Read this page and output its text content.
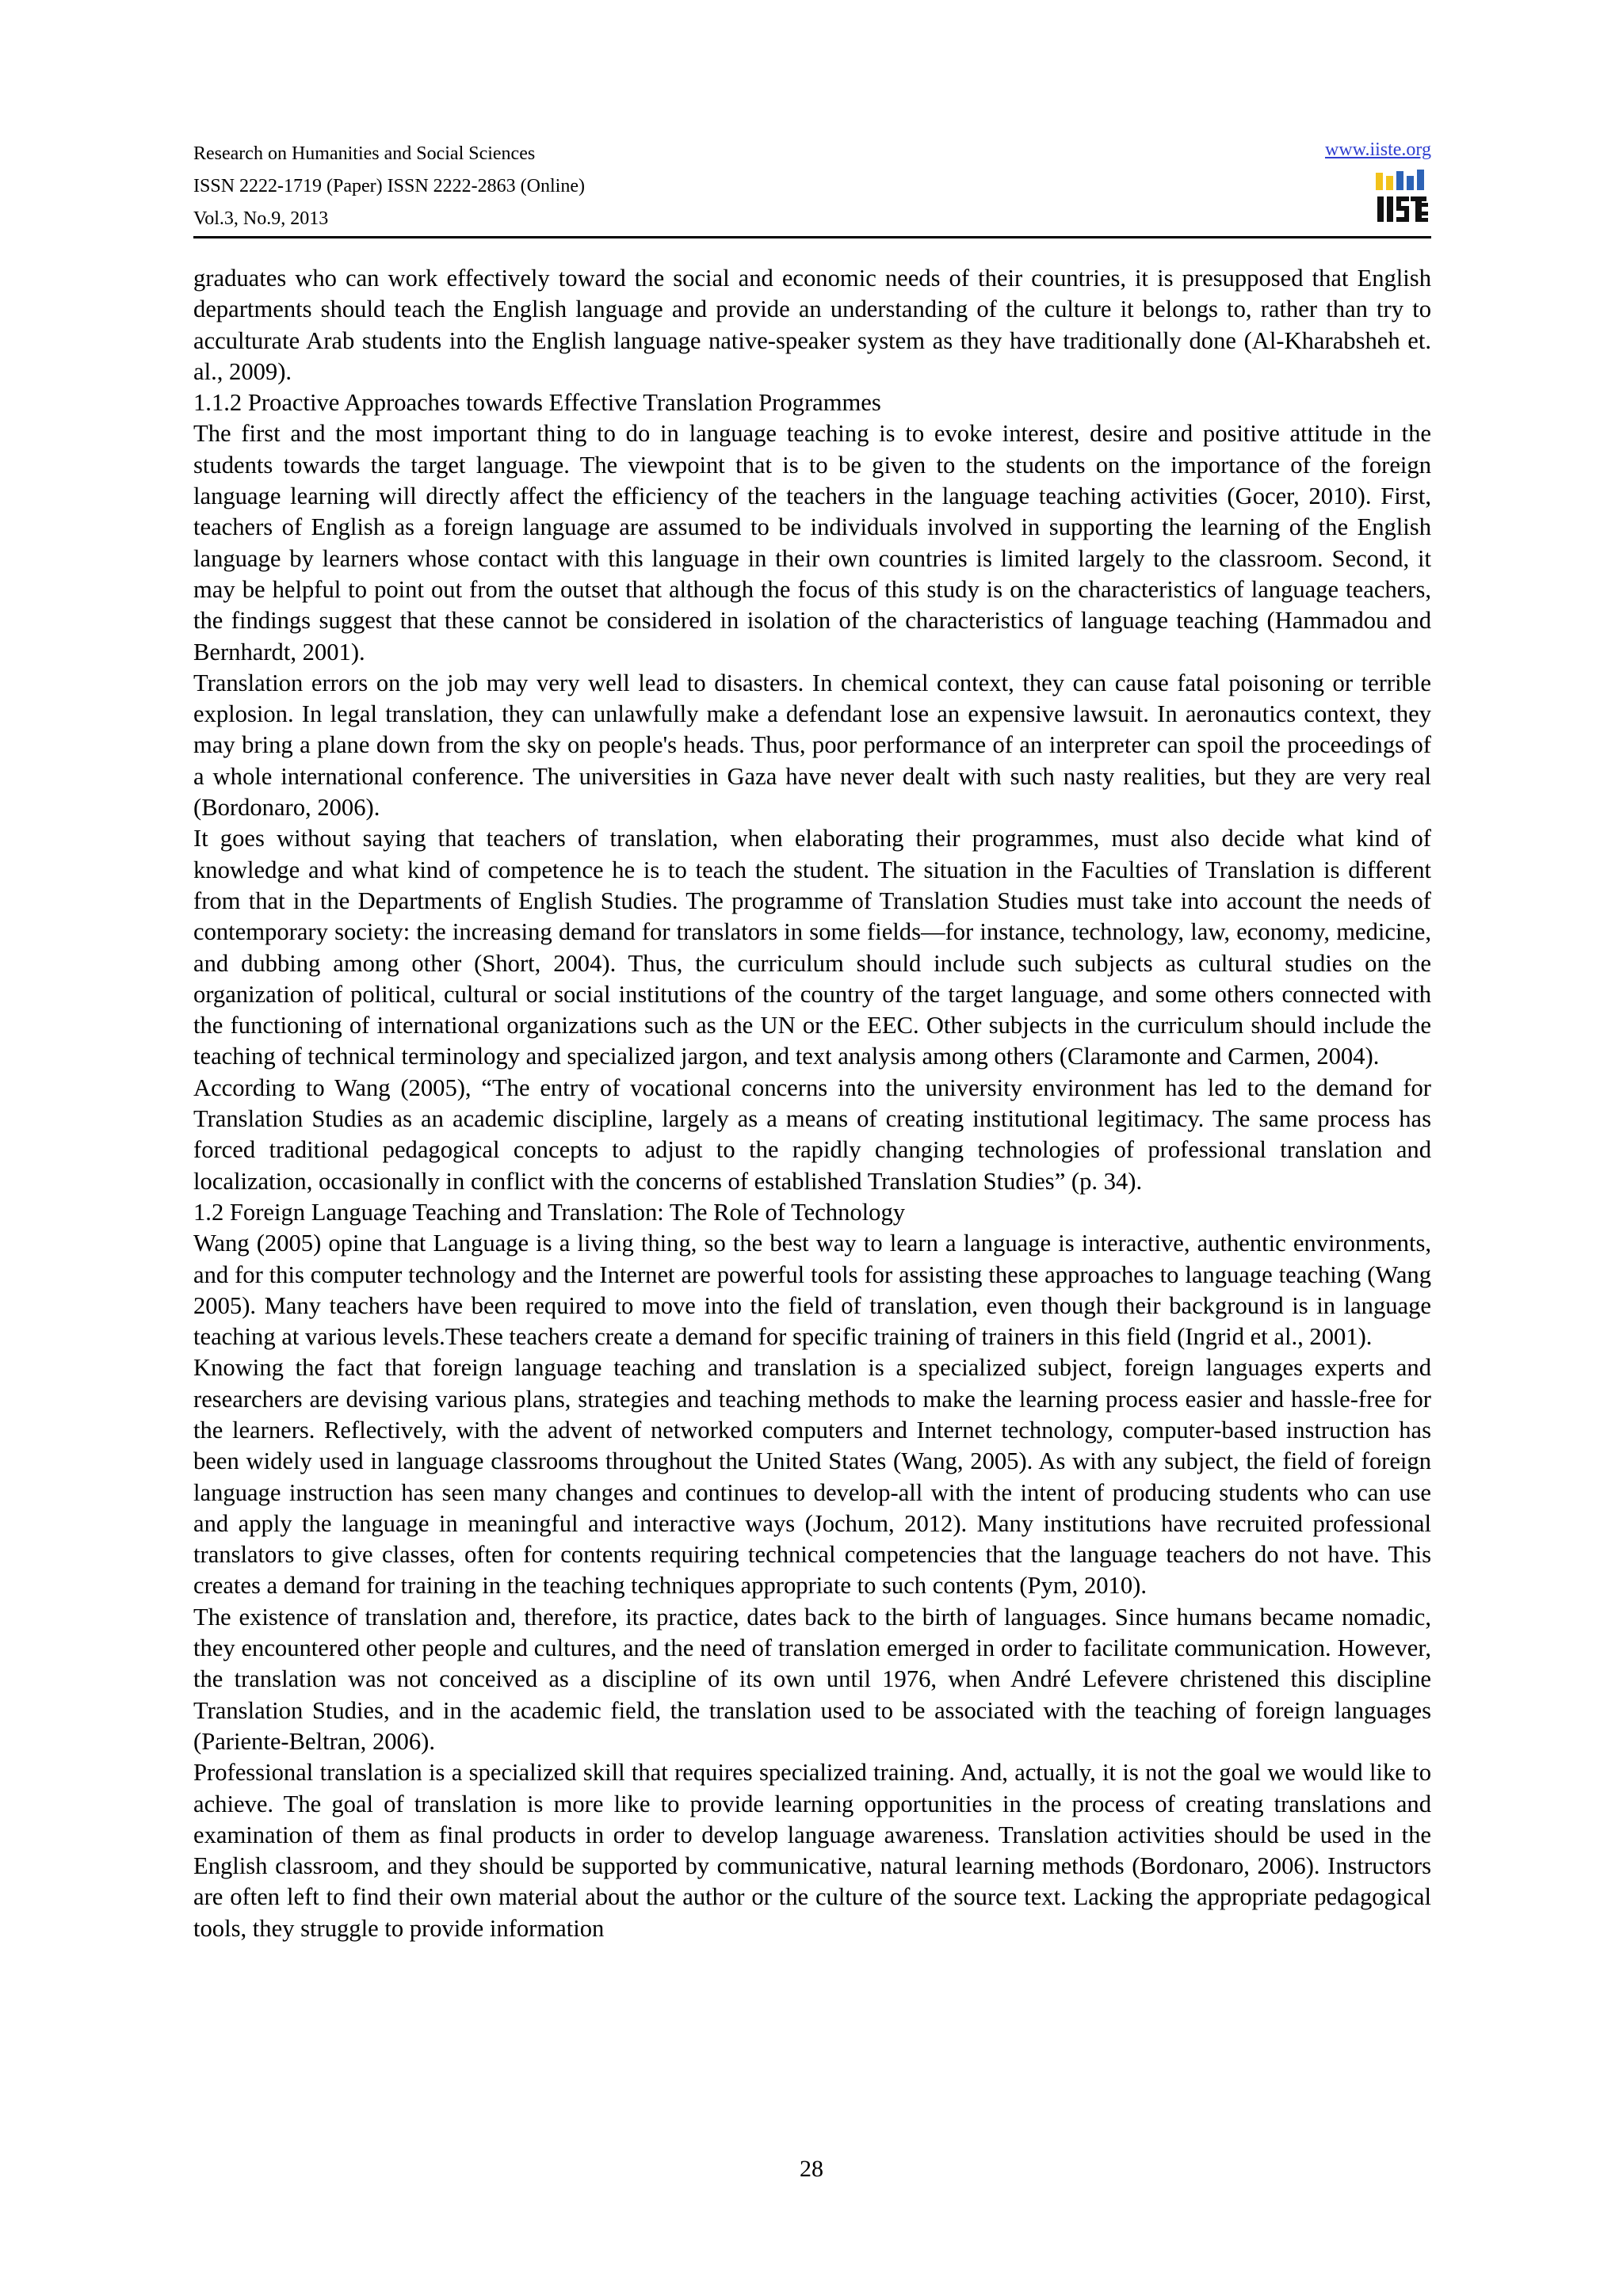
Research on Humanities and Social Sciences
ISSN 2222-1719 (Paper) ISSN 2222-2863 (Online)
Vol.3, No.9, 2013
www.iiste.org

graduates who can work effectively toward the social and economic needs of their countries, it is presupposed that English departments should teach the English language and provide an understanding of the culture it belongs to, rather than try to acculturate Arab students into the English language native-speaker system as they have traditionally done (Al-Kharabsheh et. al., 2009).

1.1.2 Proactive Approaches towards Effective Translation Programmes

The first and the most important thing to do in language teaching is to evoke interest, desire and positive attitude in the students towards the target language. The viewpoint that is to be given to the students on the importance of the foreign language learning will directly affect the efficiency of the teachers in the language teaching activities (Gocer, 2010). First, teachers of English as a foreign language are assumed to be individuals involved in supporting the learning of the English language by learners whose contact with this language in their own countries is limited largely to the classroom. Second, it may be helpful to point out from the outset that although the focus of this study is on the characteristics of language teachers, the findings suggest that these cannot be considered in isolation of the characteristics of language teaching (Hammadou and Bernhardt, 2001).

Translation errors on the job may very well lead to disasters. In chemical context, they can cause fatal poisoning or terrible explosion. In legal translation, they can unlawfully make a defendant lose an expensive lawsuit. In aeronautics context, they may bring a plane down from the sky on people's heads. Thus, poor performance of an interpreter can spoil the proceedings of a whole international conference. The universities in Gaza have never dealt with such nasty realities, but they are very real (Bordonaro, 2006).

It goes without saying that teachers of translation, when elaborating their programmes, must also decide what kind of knowledge and what kind of competence he is to teach the student. The situation in the Faculties of Translation is different from that in the Departments of English Studies. The programme of Translation Studies must take into account the needs of contemporary society: the increasing demand for translators in some fields—for instance, technology, law, economy, medicine, and dubbing among other (Short, 2004). Thus, the curriculum should include such subjects as cultural studies on the organization of political, cultural or social institutions of the country of the target language, and some others connected with the functioning of international organizations such as the UN or the EEC. Other subjects in the curriculum should include the teaching of technical terminology and specialized jargon, and text analysis among others (Claramonte and Carmen, 2004).

According to Wang (2005), “The entry of vocational concerns into the university environment has led to the demand for Translation Studies as an academic discipline, largely as a means of creating institutional legitimacy. The same process has forced traditional pedagogical concepts to adjust to the rapidly changing technologies of professional translation and localization, occasionally in conflict with the concerns of established Translation Studies” (p. 34).

1.2 Foreign Language Teaching and Translation: The Role of Technology

Wang (2005) opine that Language is a living thing, so the best way to learn a language is interactive, authentic environments, and for this computer technology and the Internet are powerful tools for assisting these approaches to language teaching (Wang 2005). Many teachers have been required to move into the field of translation, even though their background is in language teaching at various levels.These teachers create a demand for specific training of trainers in this field (Ingrid et al., 2001).

Knowing the fact that foreign language teaching and translation is a specialized subject, foreign languages experts and researchers are devising various plans, strategies and teaching methods to make the learning process easier and hassle-free for the learners. Reflectively, with the advent of networked computers and Internet technology, computer-based instruction has been widely used in language classrooms throughout the United States (Wang, 2005). As with any subject, the field of foreign language instruction has seen many changes and continues to develop-all with the intent of producing students who can use and apply the language in meaningful and interactive ways (Jochum, 2012). Many institutions have recruited professional translators to give classes, often for contents requiring technical competencies that the language teachers do not have. This creates a demand for training in the teaching techniques appropriate to such contents (Pym, 2010).

The existence of translation and, therefore, its practice, dates back to the birth of languages. Since humans became nomadic, they encountered other people and cultures, and the need of translation emerged in order to facilitate communication. However, the translation was not conceived as a discipline of its own until 1976, when André Lefevere christened this discipline Translation Studies, and in the academic field, the translation used to be associated with the teaching of foreign languages (Pariente-Beltran, 2006).

Professional translation is a specialized skill that requires specialized training. And, actually, it is not the goal we would like to achieve. The goal of translation is more like to provide learning opportunities in the process of creating translations and examination of them as final products in order to develop language awareness. Translation activities should be used in the English classroom, and they should be supported by communicative, natural learning methods (Bordonaro, 2006). Instructors are often left to find their own material about the author or the culture of the source text. Lacking the appropriate pedagogical tools, they struggle to provide information

28
